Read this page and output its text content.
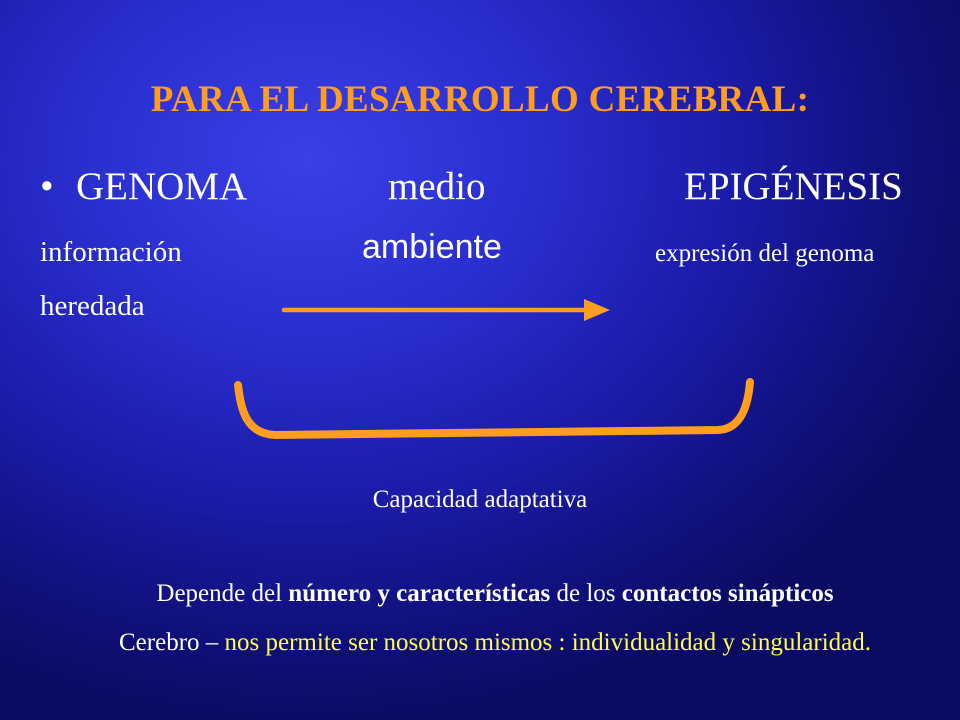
PARA EL DESARROLLO CEREBRAL:
• GENOMA	medio	EPIGÉNESIS
información	ambiente	expresión del genoma
heredada
Capacidad adaptativa
Depende del número y características de los contactos sinápticos
Cerebro – nos permite ser nosotros mismos : individualidad y singularidad.
